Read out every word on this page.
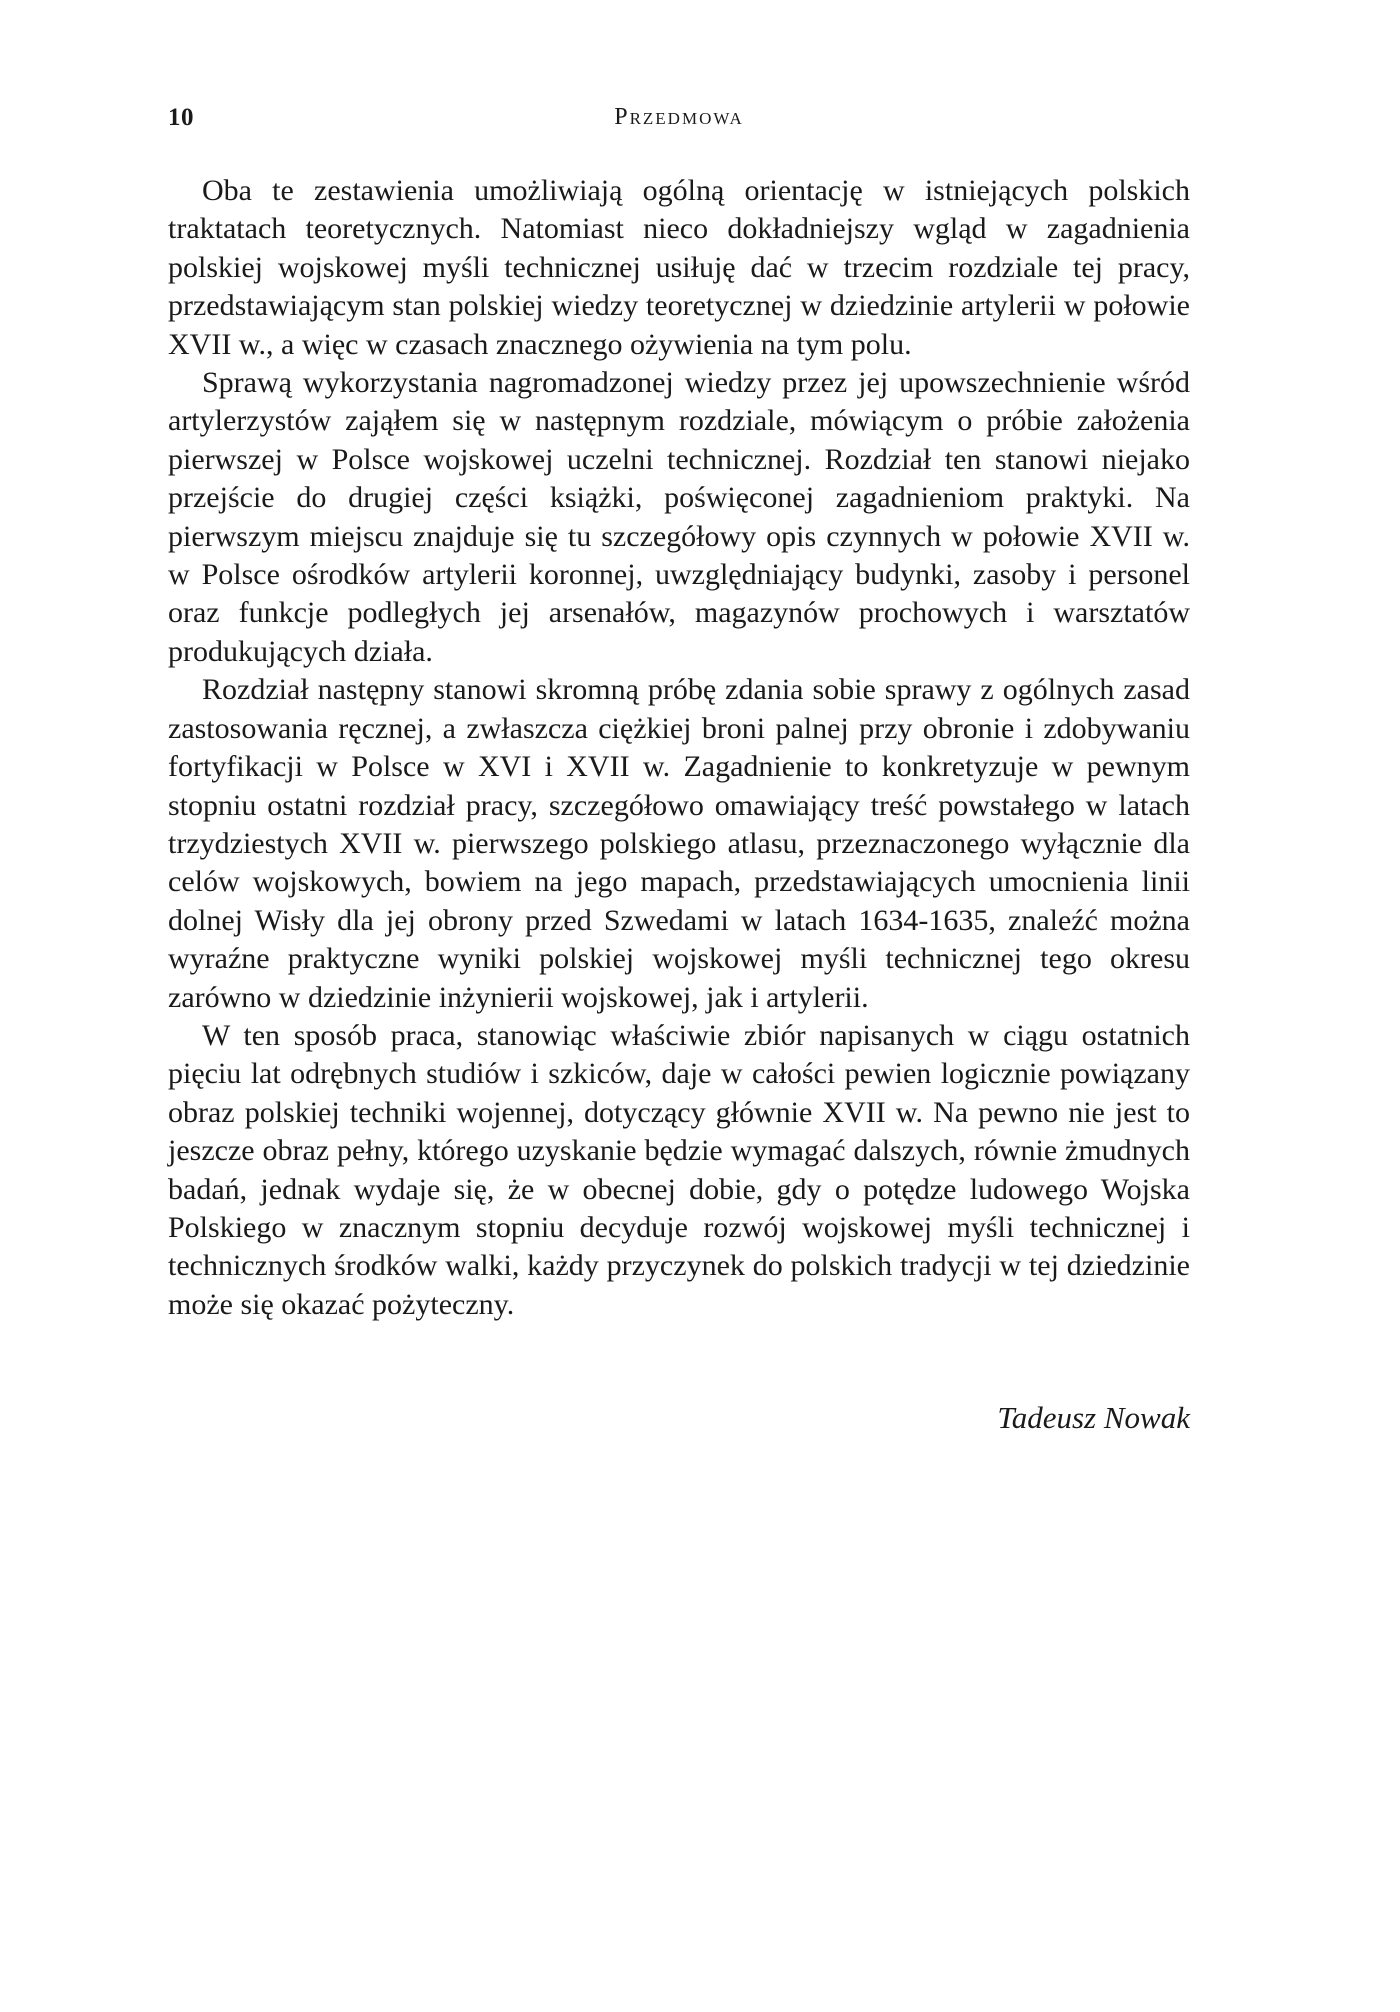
10	Przedmowa

Oba te zestawienia umożliwiają ogólną orientację w istniejących polskich traktatach teoretycznych. Natomiast nieco dokładniejszy wgląd w zagadnienia polskiej wojskowej myśli technicznej usiłuję dać w trzecim rozdziale tej pracy, przedstawiającym stan polskiej wiedzy teoretycznej w dziedzinie artylerii w połowie XVII w., a więc w czasach znacznego ożywienia na tym polu.

Sprawą wykorzystania nagromadzonej wiedzy przez jej upowszechnienie wśród artylerzystów zająłem się w następnym rozdziale, mówiącym o próbie założenia pierwszej w Polsce wojskowej uczelni technicznej. Rozdział ten stanowi niejako przejście do drugiej części książki, poświęconej zagadnieniom praktyki. Na pierwszym miejscu znajduje się tu szczegółowy opis czynnych w połowie XVII w. w Polsce ośrodków artylerii koronnej, uwzględniający budynki, zasoby i personel oraz funkcje podległych jej arsenałów, magazynów prochowych i warsztatów produkujących działa.

Rozdział następny stanowi skromną próbę zdania sobie sprawy z ogólnych zasad zastosowania ręcznej, a zwłaszcza ciężkiej broni palnej przy obronie i zdobywaniu fortyfikacji w Polsce w XVI i XVII w. Zagadnienie to konkretyzuje w pewnym stopniu ostatni rozdział pracy, szczegółowo omawiający treść powstałego w latach trzydziestych XVII w. pierwszego polskiego atlasu, przeznaczonego wyłącznie dla celów wojskowych, bowiem na jego mapach, przedstawiających umocnienia linii dolnej Wisły dla jej obrony przed Szwedami w latach 1634-1635, znaleźć można wyraźne praktyczne wyniki polskiej wojskowej myśli technicznej tego okresu zarówno w dziedzinie inżynierii wojskowej, jak i artylerii.

W ten sposób praca, stanowiąc właściwie zbiór napisanych w ciągu ostatnich pięciu lat odrębnych studiów i szkiców, daje w całości pewien logicznie powiązany obraz polskiej techniki wojennej, dotyczący głównie XVII w. Na pewno nie jest to jeszcze obraz pełny, którego uzyskanie będzie wymagać dalszych, równie żmudnych badań, jednak wydaje się, że w obecnej dobie, gdy o potędze ludowego Wojska Polskiego w znacznym stopniu decyduje rozwój wojskowej myśli technicznej i technicznych środków walki, każdy przyczynek do polskich tradycji w tej dziedzinie może się okazać pożyteczny.

Tadeusz Nowak
